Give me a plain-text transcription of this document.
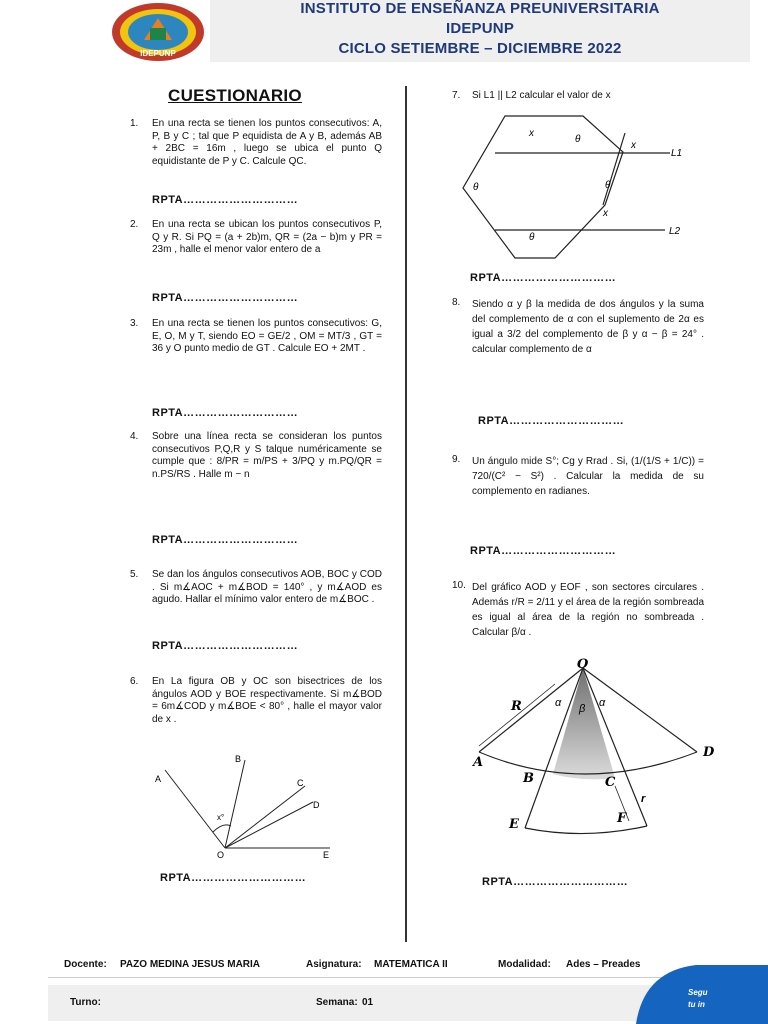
IDEPUNP
INSTITUTO DE ENSEÑANZA PREUNIVERSITARIA
IDEPUNP
CICLO SETIEMBRE – DICIEMBRE 2022
CUESTIONARIO
1. En una recta se tienen los puntos consecutivos: A, P, B y C ; tal que P equidista de A y B, además AB + 2BC = 16m , luego se ubica el punto Q equidistante de P y C. Calcule QC.
RPTA…………………………
2. En una recta se ubican los puntos consecutivos P, Q y R. Si PQ = (a + 2b)m, QR = (2a − b)m y PR = 23m , halle el menor valor entero de a
RPTA…………………………
3. En una recta se tienen los puntos consecutivos: G, E, O, M y T, siendo EO = GE/2 , OM = MT/3 , GT = 36 y O punto medio de GT . Calcule EO + 2MT .
RPTA…………………………
4. Sobre una línea recta se consideran los puntos consecutivos P,Q,R y S talque numéricamente se cumple que : 8/PR = m/PS + 3/PQ y m.PQ/QR = n.PS/RS . Halle m − n
RPTA…………………………
5. Se dan los ángulos consecutivos AOB, BOC y COD . Si m∡AOC + m∡BOD = 140° , y m∡AOD es agudo. Hallar el mínimo valor entero de m∡BOC .
RPTA…………………………
6. En La figura OB y OC son bisectrices de los ángulos AOD y BOE respectivamente. Si m∡BOD = 6m∡COD y m∡BOE < 80° , halle el mayor valor de x .
A
B
C
D
E
O
x°
RPTA…………………………
7. Si L1 || L2 calcular el valor de x
x
θ
x
L1
θ	θ
x
θ
L2
RPTA…………………………
8. Siendo α y β la medida de dos ángulos y la suma del complemento de α con el suplemento de 2α es igual a 3/2 del complemento de β y α − β = 24° . calcular complemento de α
RPTA…………………………
9. Un ángulo mide S°; Cg y Rrad . Si, (1/(1/S + 1/C)) = 720/(C² − S²) . Calcular la medida de su complemento en radianes.
RPTA…………………………
10. Del gráfico AOD y EOF , son sectores circulares . Además r/R = 2/11 y el área de la región sombreada es igual al área de la región no sombreada . Calcular β/α .
O
R	α β α
A
B	C
D
E	F
r
RPTA…………………………
Docente: PAZO MEDINA JESUS MARIA	Asignatura: MATEMATICA II	Modalidad: Ades – Preades
Turno:	Semana: 01
Segu
tu in
